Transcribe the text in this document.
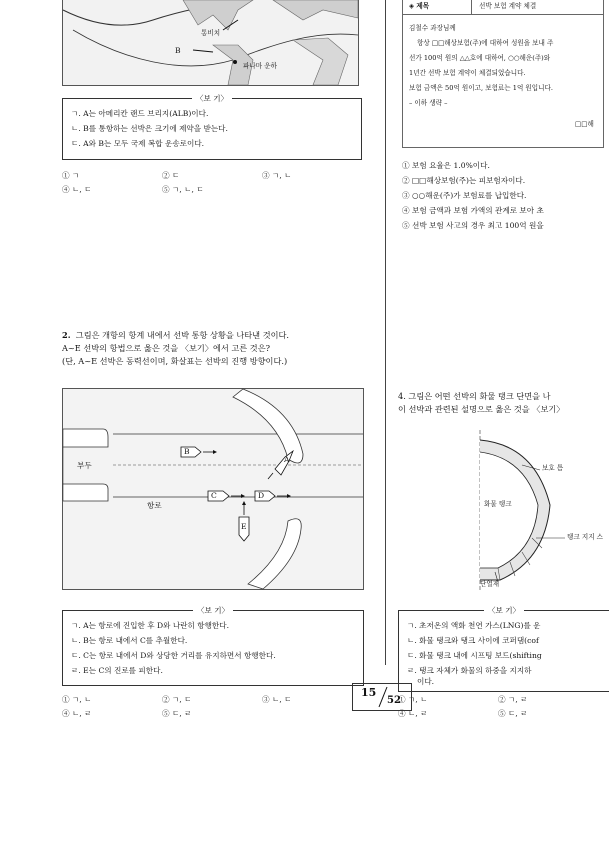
통비치
B
파나마 운하
〈보 기〉
ㄱ. A는 아메리칸 랜드 브리지(ALB)이다.
ㄴ. B를 통항하는 선박은 크기에 제약을 받는다.
ㄷ. A와 B는 모두 국제 복합 운송로이다.
① ㄱ	② ㄷ	③ ㄱ, ㄴ
④ ㄴ, ㄷ	⑤ ㄱ, ㄴ, ㄷ
2. 그림은 개항의 항계 내에서 선박 통항 상황을 나타낸 것이다.
A~E 선박의 항법으로 옳은 것을 〈보기〉에서 고른 것은?
(단, A~E 선박은 동력선이며, 화살표는 선박의 진행 방향이다.)
부두
항로
A
B
C	D
E
〈보 기〉
ㄱ. A는 항로에 진입한 후 D와 나란히 항행한다.
ㄴ. B는 항로 내에서 C를 추월한다.
ㄷ. C는 항로 내에서 D와 상당한 거리를 유지하면서 항행한다.
ㄹ. E는 C의 진로를 피한다.
① ㄱ, ㄴ	② ㄱ, ㄷ	③ ㄴ, ㄷ
④ ㄴ, ㄹ	⑤ ㄷ, ㄹ
◈ 제목	선박 보험 계약 체결
김철수 과장님께
항상 □□해상보험(주)에 대하여 성원을 보내 주
선가 100억 원의 △△호에 대하여, ○○해운(주)와
1년간 선박 보험 계약이 체결되었습니다.
보험 금액은 50억 원이고, 보험료는 1억 원입니다.
– 이하 생략 –
□□해
① 보험 요율은 1.0%이다.
② □□해상보험(주)는 피보험자이다.
③ ○○해운(주)가 보험료를 납입한다.
④ 보험 금액과 보험 가액의 관계로 보아 초
⑤ 선박 보험 사고의 경우 최고 100억 원을
4. 그림은 어떤 선박의 화물 탱크 단면을 나
이 선박과 관련된 설명으로 옳은 것을 〈보기〉
보호 틈
화물 탱크
탱크 지지 스
단열재
〈보 기〉
ㄱ. 초저온의 액화 천연 가스(LNG)를 운
ㄴ. 화물 탱크와 탱크 사이에 코퍼댐(cof
ㄷ. 화물 탱크 내에 시프팅 보드(shifting
ㄹ. 탱크 자체가 화물의 하중을 지지하
이다.
① ㄱ, ㄴ	② ㄱ, ㄹ
④ ㄴ, ㄹ	⑤ ㄷ, ㄹ
15
52
